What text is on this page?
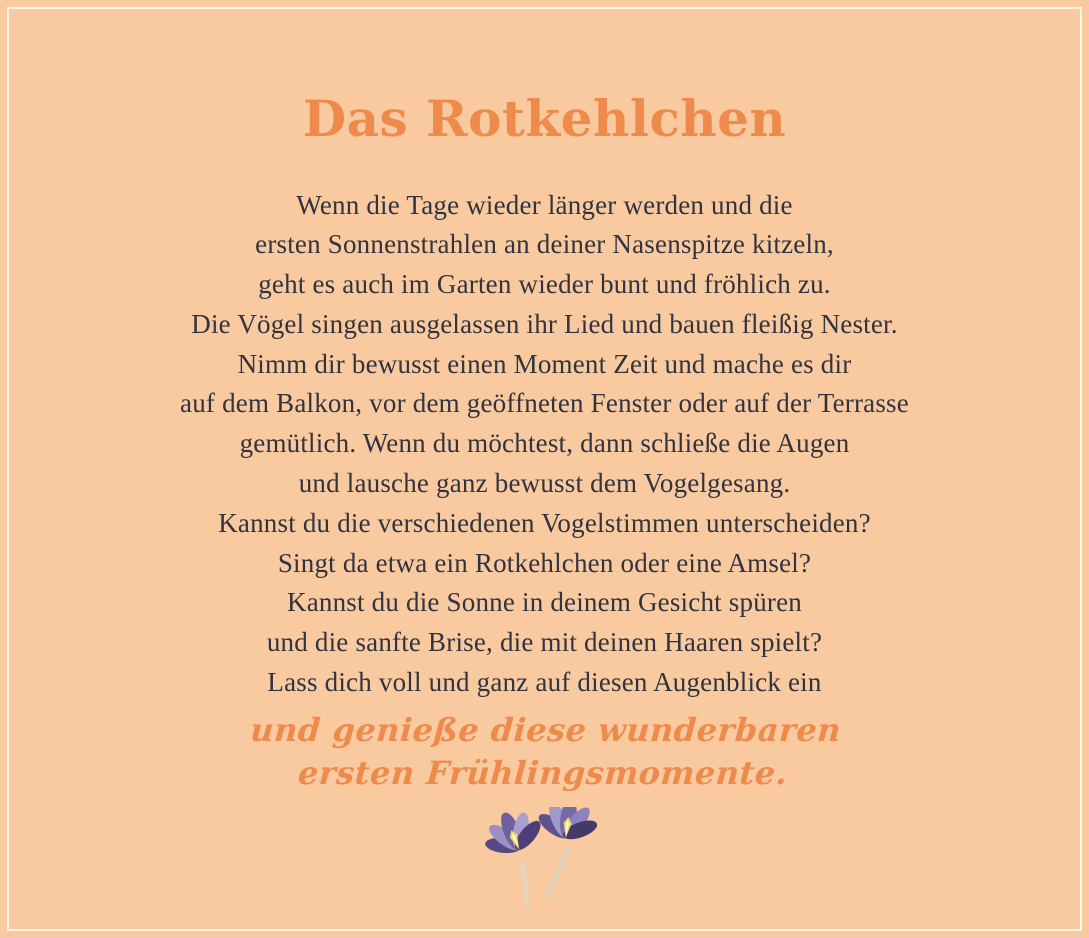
Das Rotkehlchen
Wenn die Tage wieder länger werden und die
ersten Sonnenstrahlen an deiner Nasenspitze kitzeln,
geht es auch im Garten wieder bunt und fröhlich zu.
Die Vögel singen ausgelassen ihr Lied und bauen fleißig Nester.
Nimm dir bewusst einen Moment Zeit und mache es dir
auf dem Balkon, vor dem geöffneten Fenster oder auf der Terrasse
gemütlich. Wenn du möchtest, dann schließe die Augen
und lausche ganz bewusst dem Vogelgesang.
Kannst du die verschiedenen Vogelstimmen unterscheiden?
Singt da etwa ein Rotkehlchen oder eine Amsel?
Kannst du die Sonne in deinem Gesicht spüren
und die sanfte Brise, die mit deinen Haaren spielt?
Lass dich voll und ganz auf diesen Augenblick ein
und genieße diese wunderbaren
ersten Frühlingsmomente.
